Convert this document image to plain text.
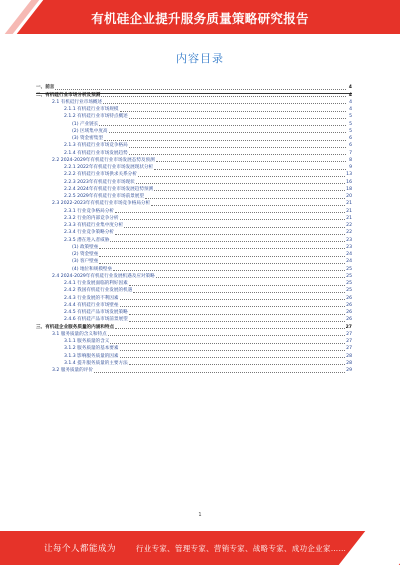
有机硅企业提升服务质量策略研究报告
内容目录
一、前言	4
二、有机硅行业市场分析及预测	4
2.1 有机硅行业市场概述	4
2.1.1 有机硅行业市场规模	4
2.1.2 有机硅行业市场特点概述	5
(1) 产业链长	5
(2) 区域集中度高	5
(3) 资金密集型	6
2.1.3 有机硅行业市场竞争格局	6
2.1.4 有机硅行业市场发展趋势	7
2.2 2024-2029年有机硅行业市场发展态势及预测	8
2.2.1 2022年有机硅行业市场发展现状分析	9
2.2.2 有机硅行业市场供求关系分析	13
2.2.3 2023年有机硅行业市场现状	16
2.2.4 2024年有机硅行业市场发展趋势预测	18
2.2.5 2029年有机硅行业市场前景展望	20
2.3 2022-2023年有机硅行业市场竞争格局分析	21
2.3.1 行业竞争格局分析	21
2.3.2 行业的内部竞争分析	21
2.3.3 有机硅行业集中度分析	22
2.3.4 行业竞争策略分析	22
2.3.5 潜在进入者威胁	23
(1) 政策壁垒	23
(2) 资金壁垒	24
(3) 客户壁垒	24
(4) 地位和规模壁垒	25
2.4 2024-2029年有机硅行业发展机遇及应对策略	25
2.4.1 行业发展面临的利好因素	25
2.4.2 我国有机硅行业发展的机遇	25
2.4.3 行业发展的不利因素	26
2.4.4 有机硅行业市场壁垒	26
2.4.5 有机硅产品市场发展策略	26
2.4.6 有机硅产品市场前景展望	26
三、有机硅企业服务质量的内涵和特点	27
3.1 服务质量的含义和特点	27
3.1.1 服务质量的含义	27
3.1.2 服务质量的基本要素	27
3.1.3 影响服务质量的因素	28
3.1.4 提升服务质量的主要方法	28
3.2 服务质量的评价	29
1
让每个人都能成为	行业专家、管理专家、营销专家、战略专家、成功企业家……
